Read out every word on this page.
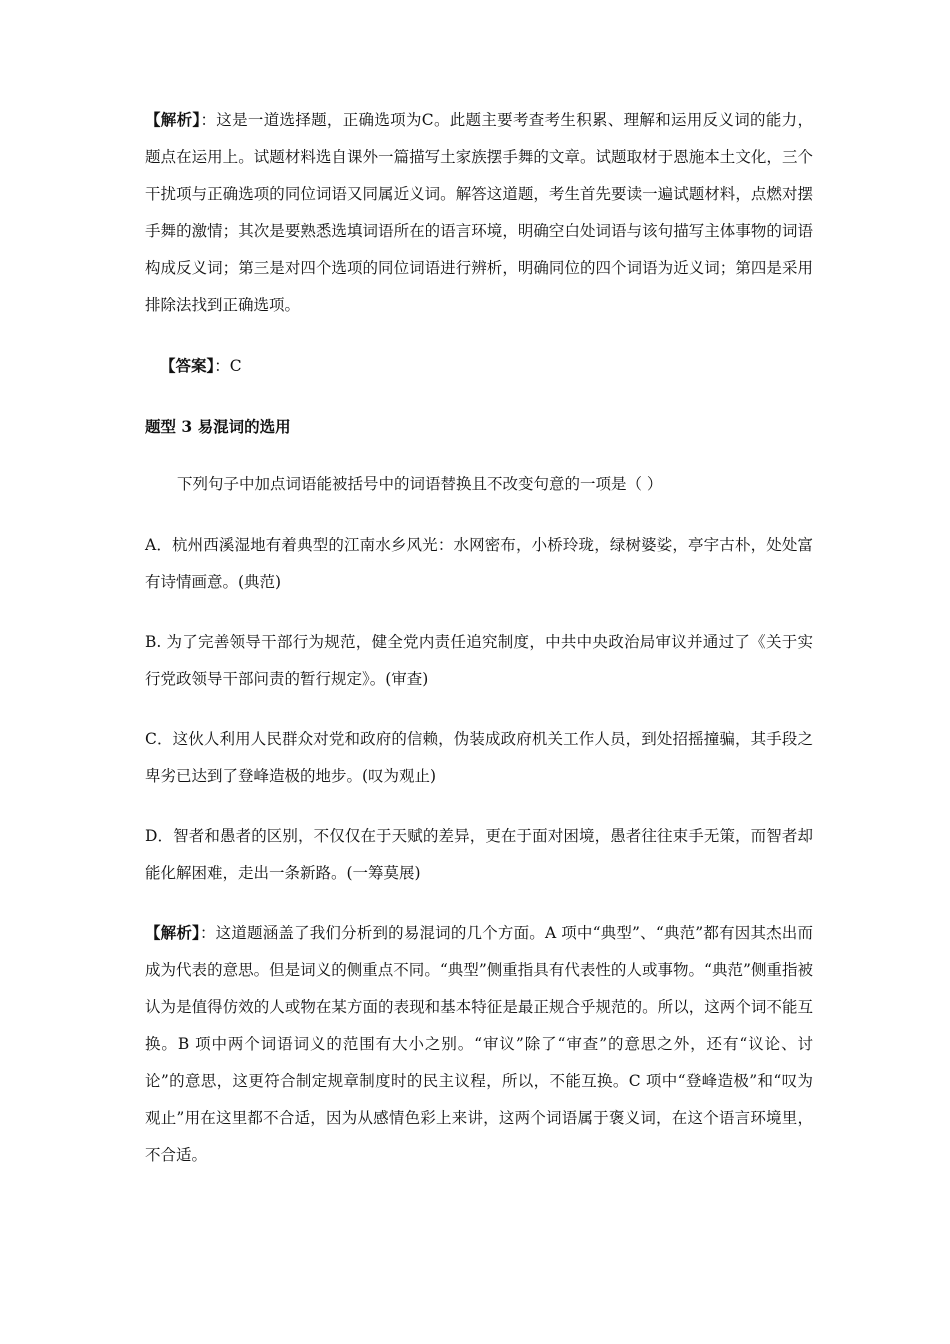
【解析】：这是一道选择题，正确选项为C。此题主要考查考生积累、理解和运用反义词的能力，题点在运用上。试题材料选自课外一篇描写土家族摆手舞的文章。试题取材于恩施本土文化，三个干扰项与正确选项的同位词语又同属近义词。解答这道题，考生首先要读一遍试题材料，点燃对摆手舞的激情；其次是要熟悉选填词语所在的语言环境，明确空白处词语与该句描写主体事物的词语构成反义词；第三是对四个选项的同位词语进行辨析，明确同位的四个词语为近义词；第四是采用排除法找到正确选项。

【答案】：C

题型 3 易混词的选用

下列句子中加点词语能被括号中的词语替换且不改变句意的一项是（ ）

A．杭州西溪湿地有着典型的江南水乡风光：水网密布，小桥玲珑，绿树婆娑，亭宇古朴，处处富有诗情画意。(典范)

B. 为了完善领导干部行为规范，健全党内责任追究制度，中共中央政治局审议并通过了《关于实行党政领导干部问责的暂行规定》。(审查)

C．这伙人利用人民群众对党和政府的信赖，伪装成政府机关工作人员，到处招摇撞骗，其手段之卑劣已达到了登峰造极的地步。(叹为观止)

D．智者和愚者的区别，不仅仅在于天赋的差异，更在于面对困境，愚者往往束手无策，而智者却能化解困难，走出一条新路。(一筹莫展)

【解析】：这道题涵盖了我们分析到的易混词的几个方面。A 项中“典型”、“典范”都有因其杰出而成为代表的意思。但是词义的侧重点不同。“典型”侧重指具有代表性的人或事物。“典范”侧重指被认为是值得仿效的人或物在某方面的表现和基本特征是最正规合乎规范的。所以，这两个词不能互换。B 项中两个词语词义的范围有大小之别。“审议”除了“审查”的意思之外，还有“议论、讨论”的意思，这更符合制定规章制度时的民主议程，所以，不能互换。C 项中“登峰造极”和“叹为观止”用在这里都不合适，因为从感情色彩上来讲，这两个词语属于褒义词，在这个语言环境里，不合适。
